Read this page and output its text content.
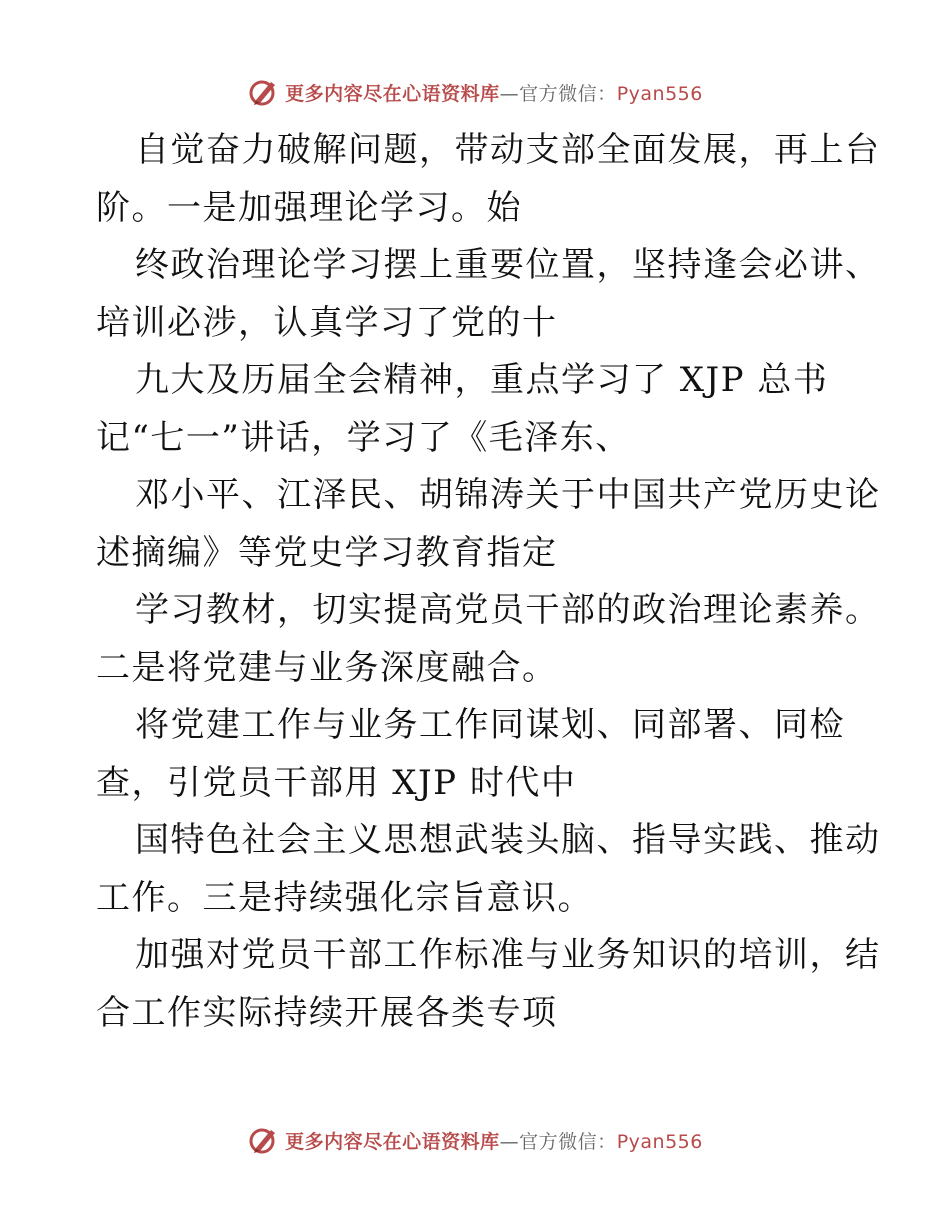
更多内容尽在心语资料库—官方微信：Pyan556
自觉奋力破解问题，带动支部全面发展，再上台
阶。一是加强理论学习。始
终政治理论学习摆上重要位置，坚持逢会必讲、
培训必涉，认真学习了党的十
九大及历届全会精神，重点学习了 XJP 总书
记“七一”讲话，学习了《毛泽东、
邓小平、江泽民、胡锦涛关于中国共产党历史论
述摘编》等党史学习教育指定
学习教材，切实提高党员干部的政治理论素养。
二是将党建与业务深度融合。
将党建工作与业务工作同谋划、同部署、同检
查，引党员干部用 XJP 时代中
国特色社会主义思想武装头脑、指导实践、推动
工作。三是持续强化宗旨意识。
加强对党员干部工作标准与业务知识的培训，结
合工作实际持续开展各类专项
更多内容尽在心语资料库—官方微信：Pyan556
